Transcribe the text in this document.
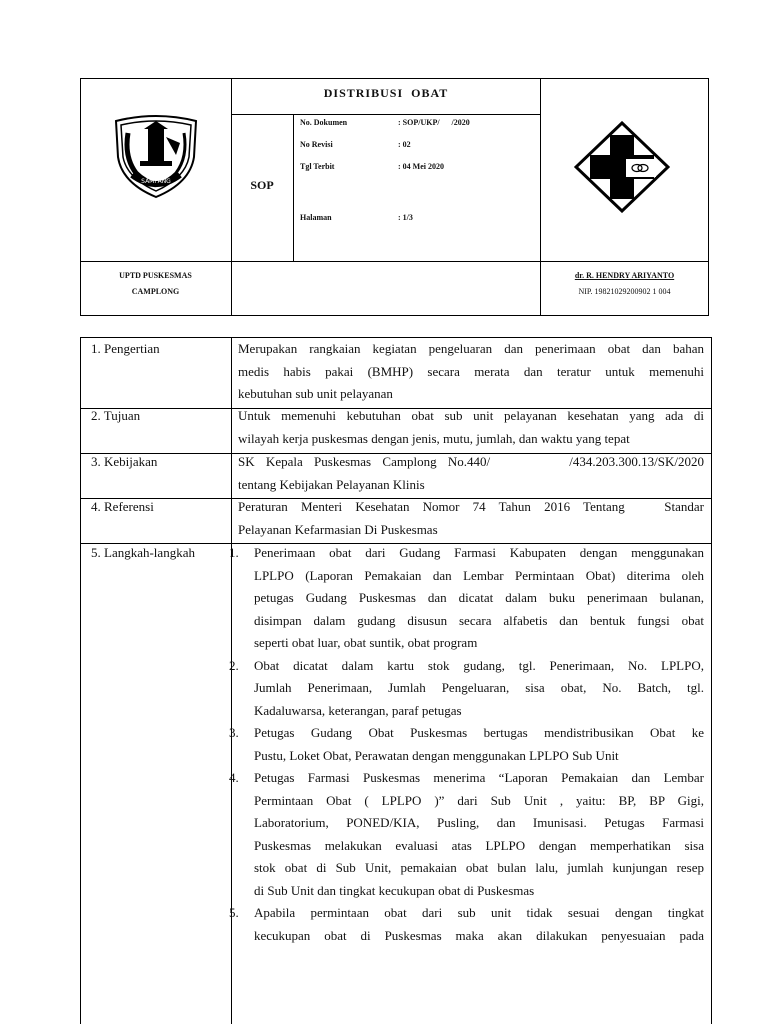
SAMPANG
DISTRIBUSI  OBAT
SOP
No. Dokumen	: SOP/UKP/      /2020
No Revisi	: 02
Tgl Terbit	: 04 Mei 2020
Halaman	: 1/3
UPTD PUSKESMAS
CAMPLONG
dr. R. HENDRY ARIYANTO
NIP. 19821029200902 1 004
1. Pengertian	Merupakan rangkaian kegiatan pengeluaran dan penerimaan obat dan bahan
medis habis pakai (BMHP) secara merata dan teratur untuk memenuhi
kebutuhan sub unit pelayanan
2. Tujuan	Untuk memenuhi kebutuhan obat sub unit pelayanan kesehatan yang ada di
wilayah kerja puskesmas dengan jenis, mutu, jumlah, dan waktu yang tepat
3. Kebijakan	SK Kepala Puskesmas Camplong No.440/       /434.203.300.13/SK/2020
tentang Kebijakan Pelayanan Klinis
4. Referensi	Peraturan Menteri Kesehatan Nomor 74 Tahun 2016 Tentang   Standar
Pelayanan Kefarmasian Di Puskesmas
5. Langkah-langkah	1. Penerimaan obat dari Gudang Farmasi Kabupaten dengan menggunakan
LPLPO (Laporan Pemakaian dan Lembar Permintaan Obat) diterima oleh
petugas Gudang Puskesmas dan dicatat dalam buku penerimaan bulanan,
disimpan dalam gudang disusun secara alfabetis dan bentuk fungsi obat
seperti obat luar, obat suntik, obat program
2. Obat dicatat dalam kartu stok gudang, tgl. Penerimaan, No. LPLPO,
Jumlah Penerimaan, Jumlah Pengeluaran, sisa obat, No. Batch, tgl.
Kadaluwarsa, keterangan, paraf petugas
3. Petugas Gudang Obat Puskesmas bertugas mendistribusikan Obat ke
Pustu, Loket Obat, Perawatan dengan menggunakan LPLPO Sub Unit
4. Petugas Farmasi Puskesmas menerima “Laporan Pemakaian dan Lembar
Permintaan Obat ( LPLPO )” dari Sub Unit , yaitu: BP, BP Gigi,
Laboratorium, PONED/KIA, Pusling, dan Imunisasi. Petugas Farmasi
Puskesmas melakukan evaluasi atas LPLPO dengan memperhatikan sisa
stok obat di Sub Unit, pemakaian obat bulan lalu, jumlah kunjungan resep
di Sub Unit dan tingkat kecukupan obat di Puskesmas
5. Apabila permintaan obat dari sub unit tidak sesuai dengan tingkat
kecukupan obat di Puskesmas maka akan dilakukan penyesuaian pada
